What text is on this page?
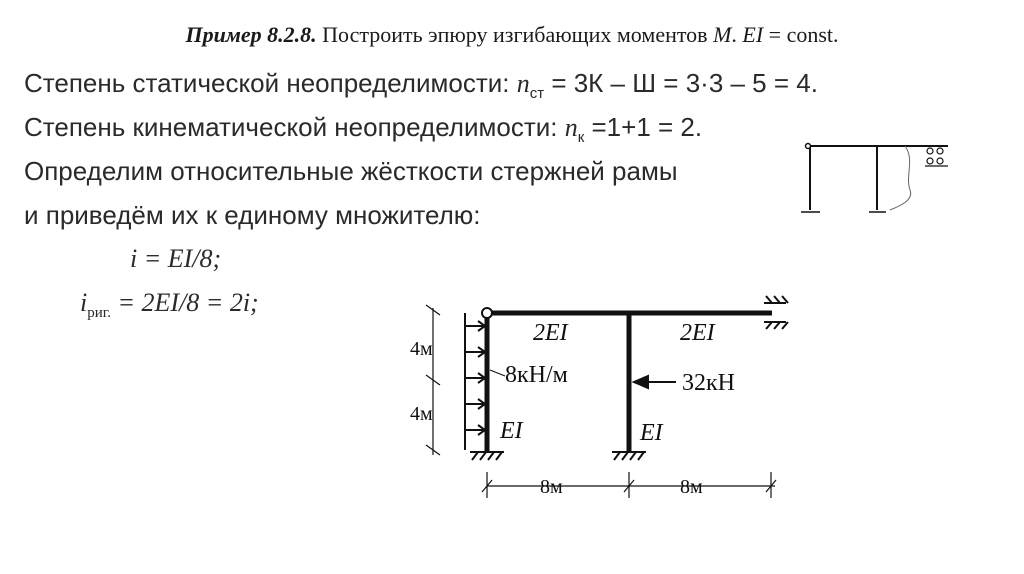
Пример 8.2.8. Построить эпюру изгибающих моментов M. EI = const.
Степень статической неопределимости: $n_{ст} = 3К - Ш = 3\cdot 3 - 5 = 4$.
Степень кинематической неопределимости: $n_к =1+1 = 2$.
Определим относительные жёсткости стержней рамы
и приведём их к единому множителю:
i = EI/8;
$i_{риг.} = 2EI/8 = 2i$;
4м
4м
8кН/м	32кН
2EI	2EI
EI	EI
8м	8м
